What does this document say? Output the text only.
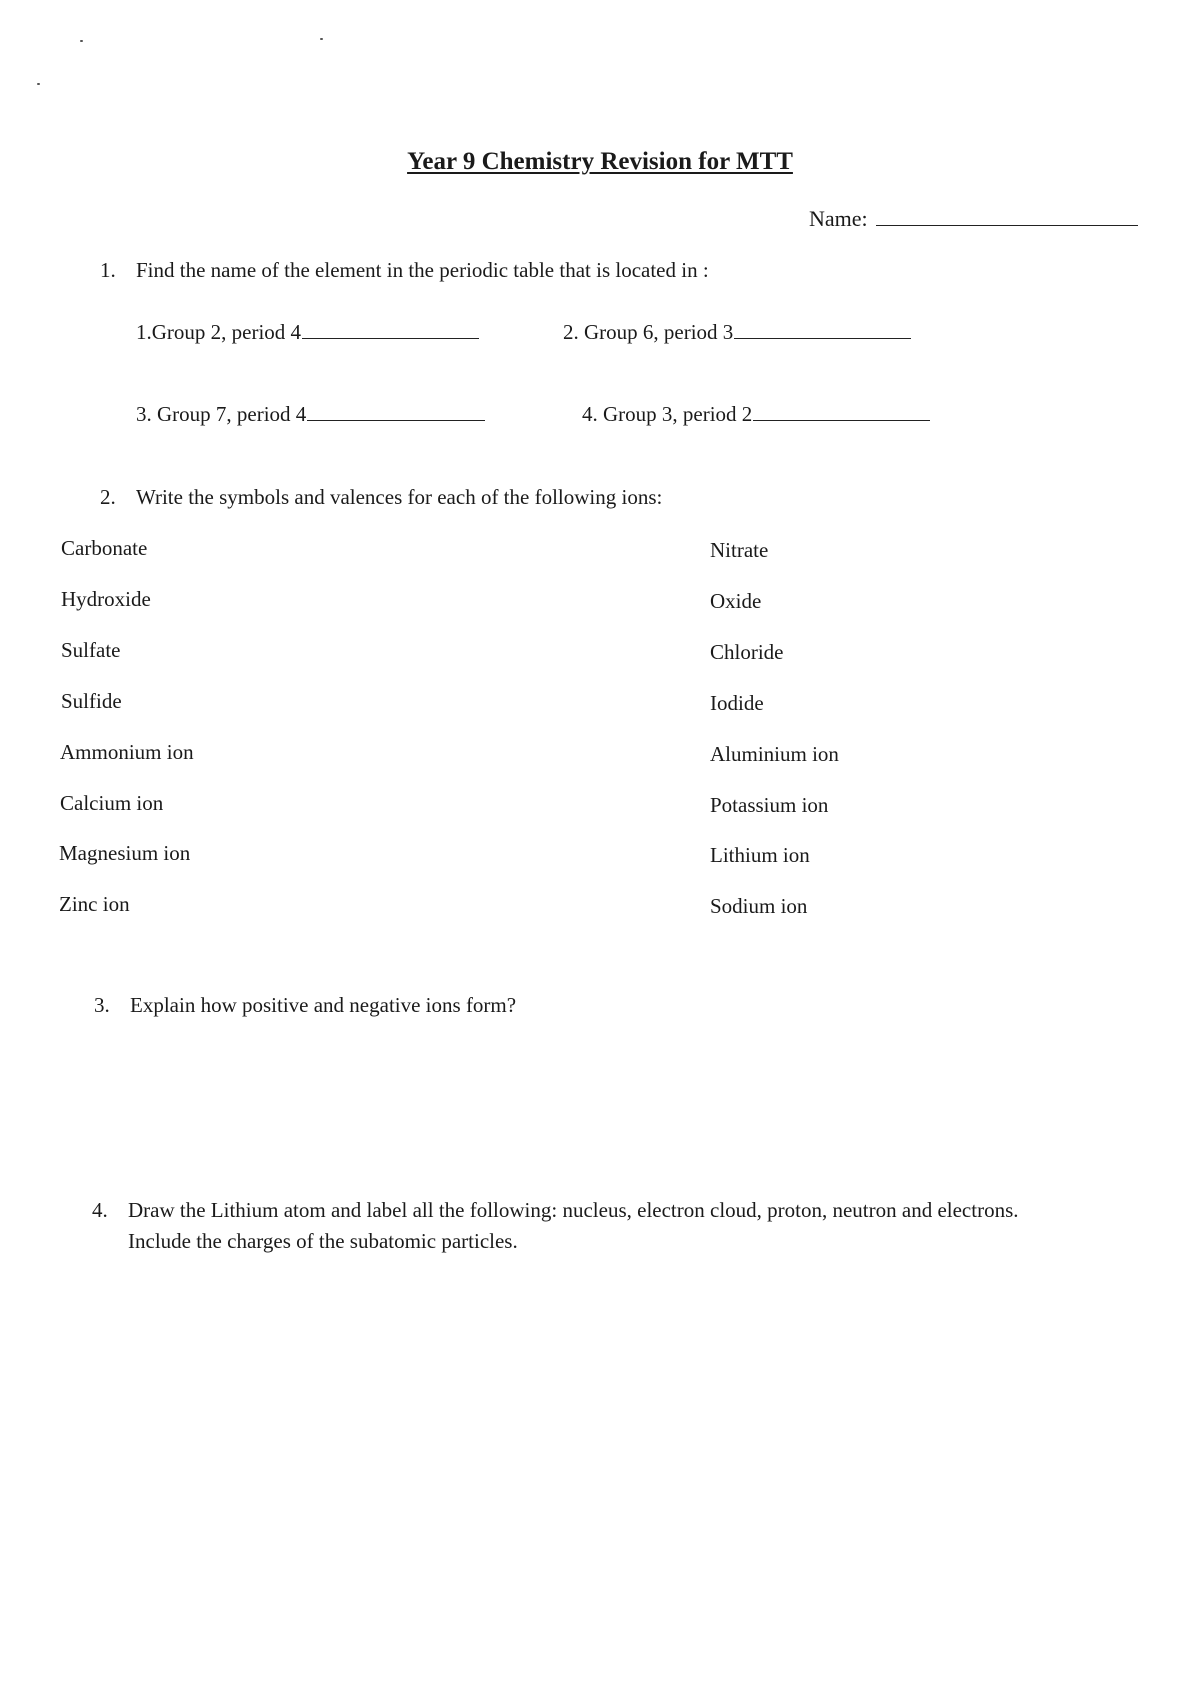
Year 9 Chemistry Revision for MTT
Name:
1. Find the name of the element in the periodic table that is located in :
1.Group 2, period 4	2. Group 6, period 3
3. Group 7, period 4	4. Group 3, period 2
2. Write the symbols and valences for each of the following ions:
Carbonate
Hydroxide
Sulfate
Sulfide
Ammonium ion
Calcium ion
Magnesium ion
Zinc ion
Nitrate
Oxide
Chloride
Iodide
Aluminium ion
Potassium ion
Lithium ion
Sodium ion
3. Explain how positive and negative ions form?
4. Draw the Lithium atom and label all the following: nucleus, electron cloud, proton, neutron and electrons.
Include the charges of the subatomic particles.
